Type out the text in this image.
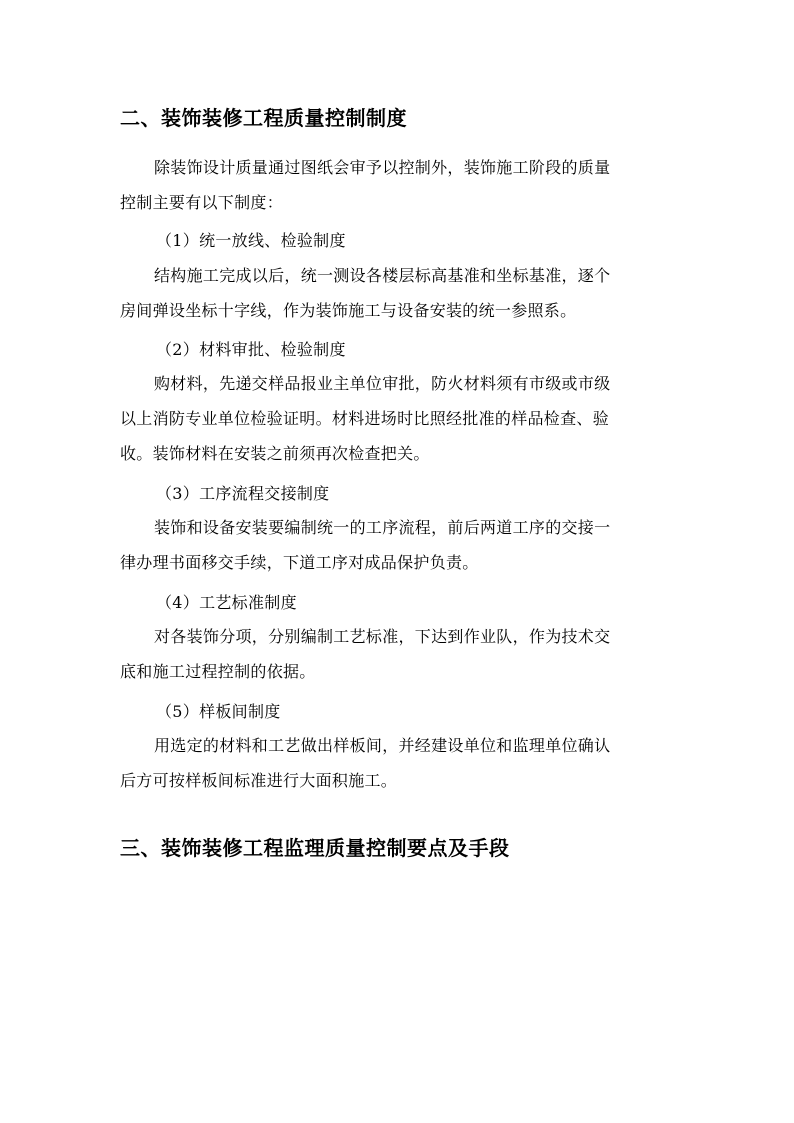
二、装饰装修工程质量控制制度
除装饰设计质量通过图纸会审予以控制外，装饰施工阶段的质量
控制主要有以下制度：
（1）统一放线、检验制度
结构施工完成以后，统一测设各楼层标高基准和坐标基准，逐个
房间弹设坐标十字线，作为装饰施工与设备安装的统一参照系。
（2）材料审批、检验制度
购材料，先递交样品报业主单位审批，防火材料须有市级或市级
以上消防专业单位检验证明。材料进场时比照经批准的样品检查、验
收。装饰材料在安装之前须再次检查把关。
（3）工序流程交接制度
装饰和设备安装要编制统一的工序流程，前后两道工序的交接一
律办理书面移交手续，下道工序对成品保护负责。
（4）工艺标准制度
对各装饰分项，分别编制工艺标准，下达到作业队，作为技术交
底和施工过程控制的依据。
（5）样板间制度
用选定的材料和工艺做出样板间，并经建设单位和监理单位确认
后方可按样板间标准进行大面积施工。
三、装饰装修工程监理质量控制要点及手段
